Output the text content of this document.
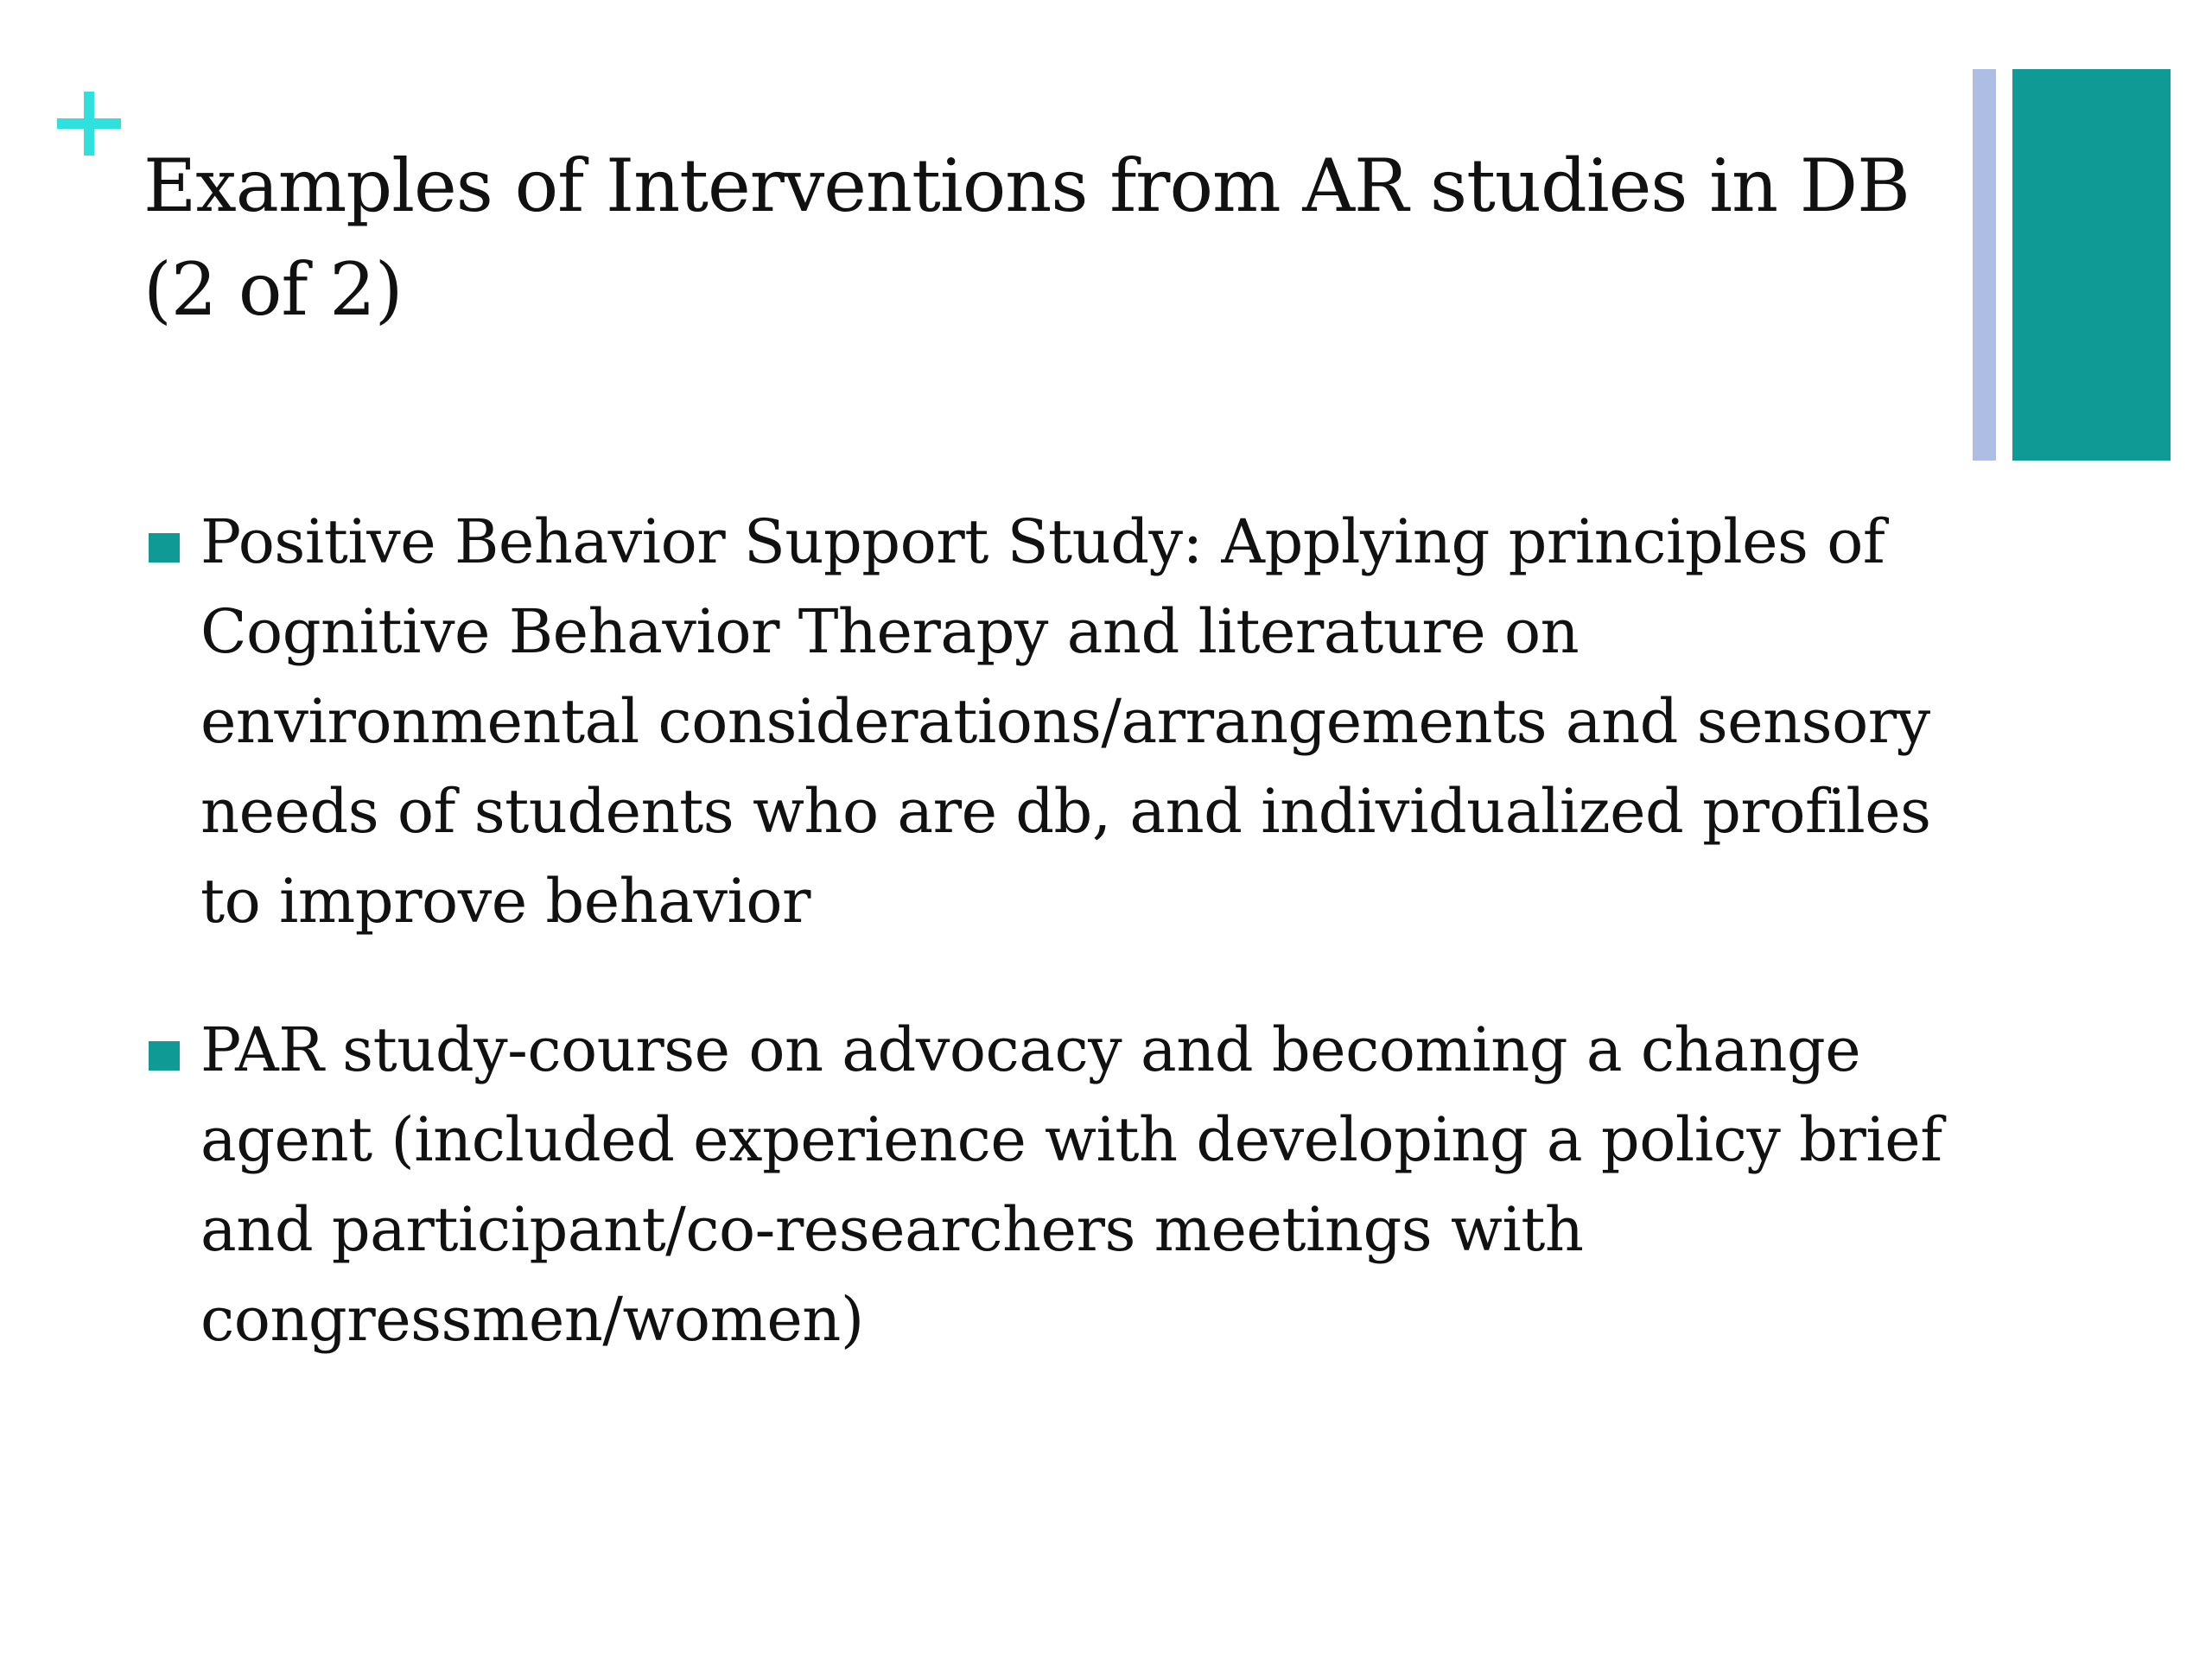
Examples of Interventions from AR studies in DB (2 of 2)
Positive Behavior Support Study: Applying principles of Cognitive Behavior Therapy and literature on environmental considerations/arrangements and sensory needs of students who are db, and individualized profiles to improve behavior
PAR study-course on advocacy and becoming a change agent (included experience with developing a policy brief and participant/co-researchers meetings with congressmen/women)
